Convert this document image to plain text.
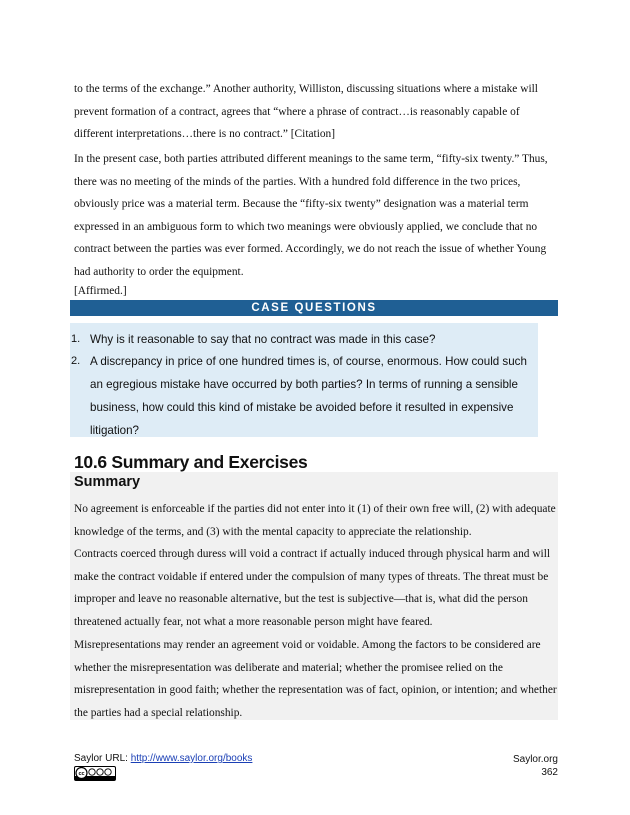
to the terms of the exchange.” Another authority, Williston, discussing situations where a mistake will prevent formation of a contract, agrees that “where a phrase of contract…is reasonably capable of different interpretations…there is no contract.” [Citation]

In the present case, both parties attributed different meanings to the same term, “fifty-six twenty.” Thus, there was no meeting of the minds of the parties. With a hundred fold difference in the two prices, obviously price was a material term. Because the “fifty-six twenty” designation was a material term expressed in an ambiguous form to which two meanings were obviously applied, we conclude that no contract between the parties was ever formed. Accordingly, we do not reach the issue of whether Young had authority to order the equipment.

[Affirmed.]

CASE QUESTIONS
1. Why is it reasonable to say that no contract was made in this case?

2. A discrepancy in price of one hundred times is, of course, enormous. How could such an egregious mistake have occurred by both parties? In terms of running a sensible business, how could this kind of mistake be avoided before it resulted in expensive litigation?

10.6 Summary and Exercises
Summary

No agreement is enforceable if the parties did not enter into it (1) of their own free will, (2) with adequate knowledge of the terms, and (3) with the mental capacity to appreciate the relationship.

Contracts coerced through duress will void a contract if actually induced through physical harm and will make the contract voidable if entered under the compulsion of many types of threats. The threat must be improper and leave no reasonable alternative, but the test is subjective—that is, what did the person threatened actually fear, not what a more reasonable person might have feared.

Misrepresentations may render an agreement void or voidable. Among the factors to be considered are whether the misrepresentation was deliberate and material; whether the promisee relied on the misrepresentation in good faith; whether the representation was of fact, opinion, or intention; and whether the parties had a special relationship.

Saylor URL: http://www.saylor.org/books
cc
Saylor.org
362
